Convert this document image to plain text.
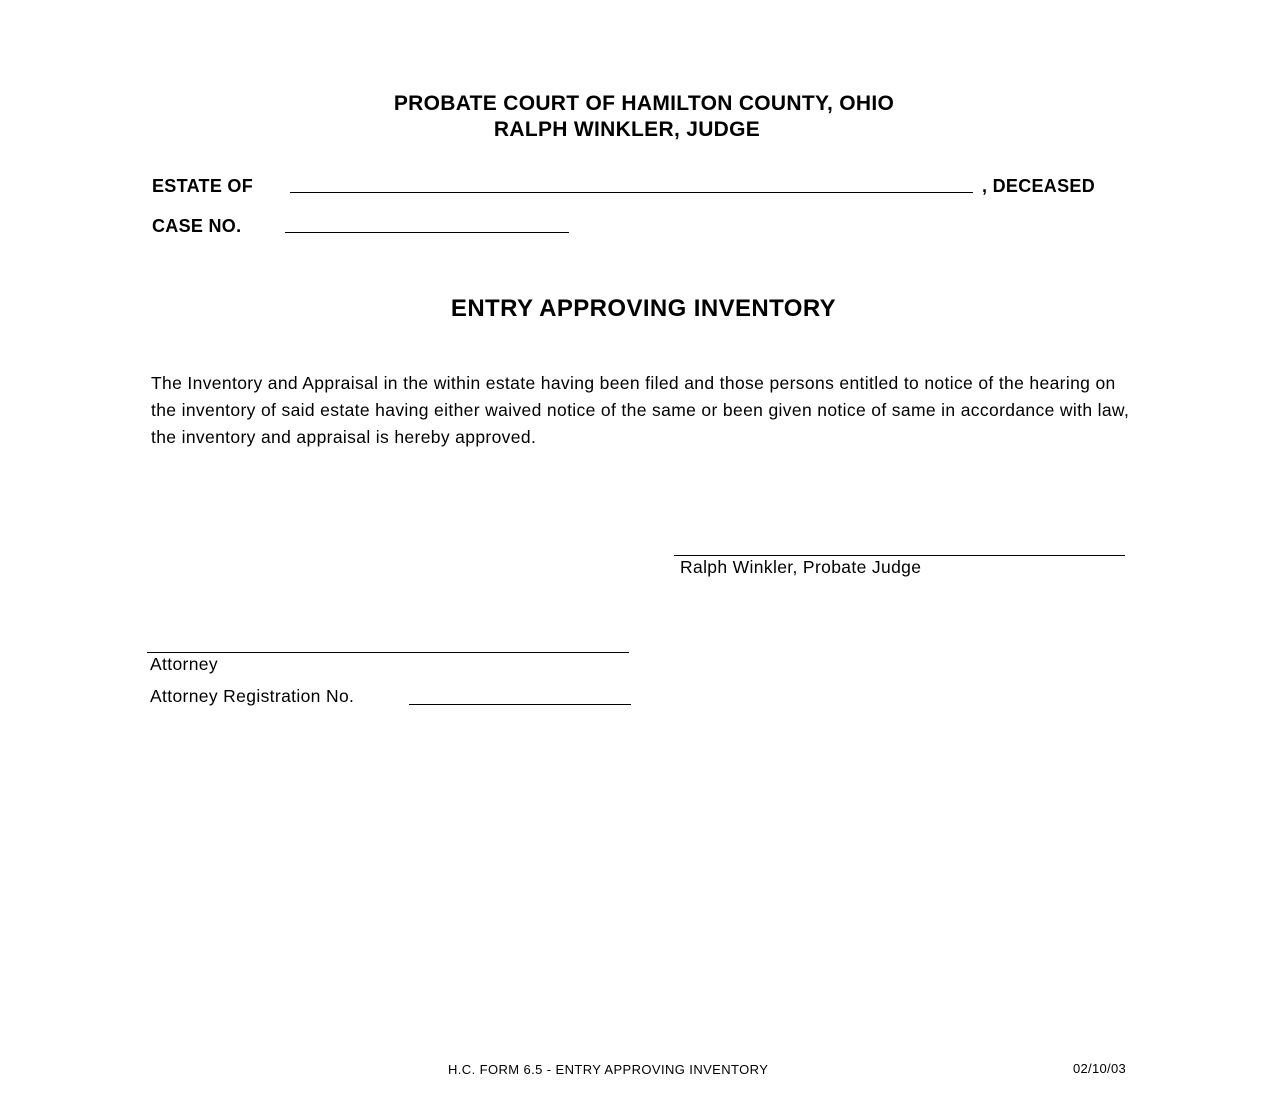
PROBATE COURT OF HAMILTON COUNTY, OHIO
RALPH WINKLER, JUDGE
ESTATE OF	, DECEASED
CASE NO.
ENTRY APPROVING INVENTORY
The Inventory and Appraisal in the within estate having been filed and those persons entitled to notice of the hearing on the inventory of said estate having either waived notice of the same or been given notice of same in accordance with law, the inventory and appraisal is hereby approved.
Ralph Winkler, Probate Judge
Attorney
Attorney Registration No.
H.C. FORM 6.5 - ENTRY APPROVING INVENTORY	02/10/03
